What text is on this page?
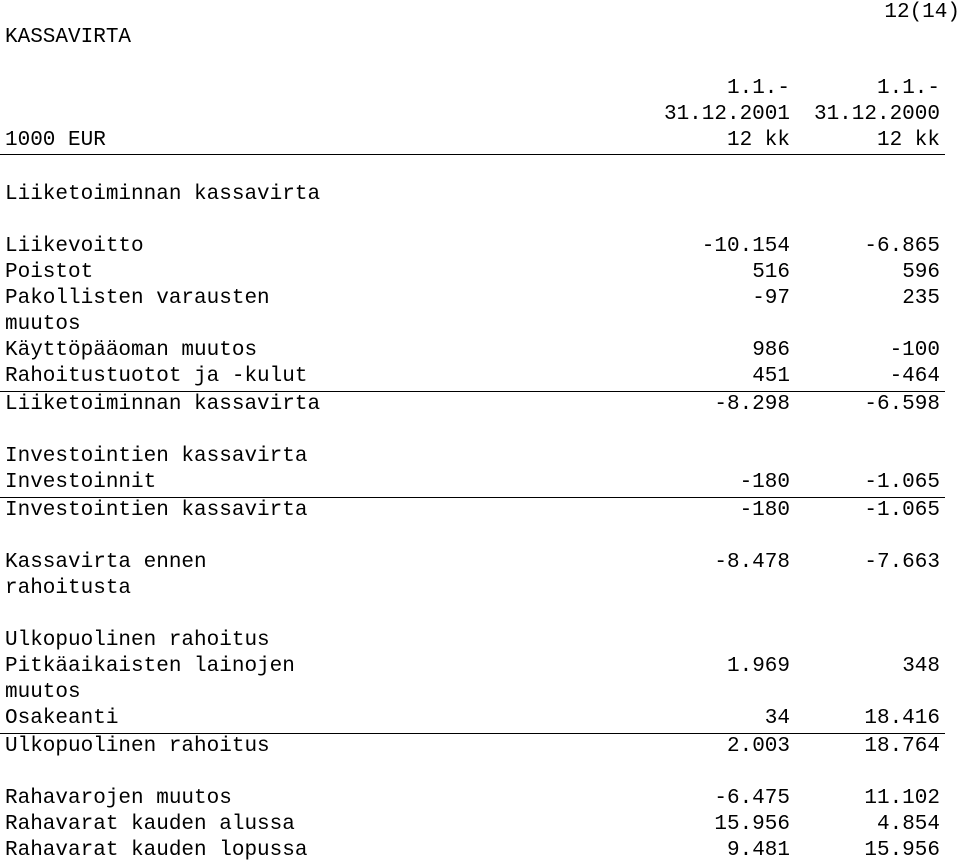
12(14)
KASSAVIRTA
1.1.-	1.1.-
31.12.2001 31.12.2000
1000 EUR	12 kk	12 kk
Liiketoiminnan kassavirta
Liikevoitto	-10.154	-6.865
Poistot	516	596
Pakollisten varausten	-97	235
muutos
Käyttöpääoman muutos	986	-100
Rahoitustuotot ja -kulut	451	-464
Liiketoiminnan kassavirta	-8.298	-6.598
Investointien kassavirta
Investoinnit	-180	-1.065
Investointien kassavirta	-180	-1.065
Kassavirta ennen	-8.478	-7.663
rahoitusta
Ulkopuolinen rahoitus
Pitkäaikaisten lainojen	1.969	348
muutos
Osakeanti	34	18.416
Ulkopuolinen rahoitus	2.003	18.764
Rahavarojen muutos	-6.475	11.102
Rahavarat kauden alussa	15.956	4.854
Rahavarat kauden lopussa	9.481	15.956
